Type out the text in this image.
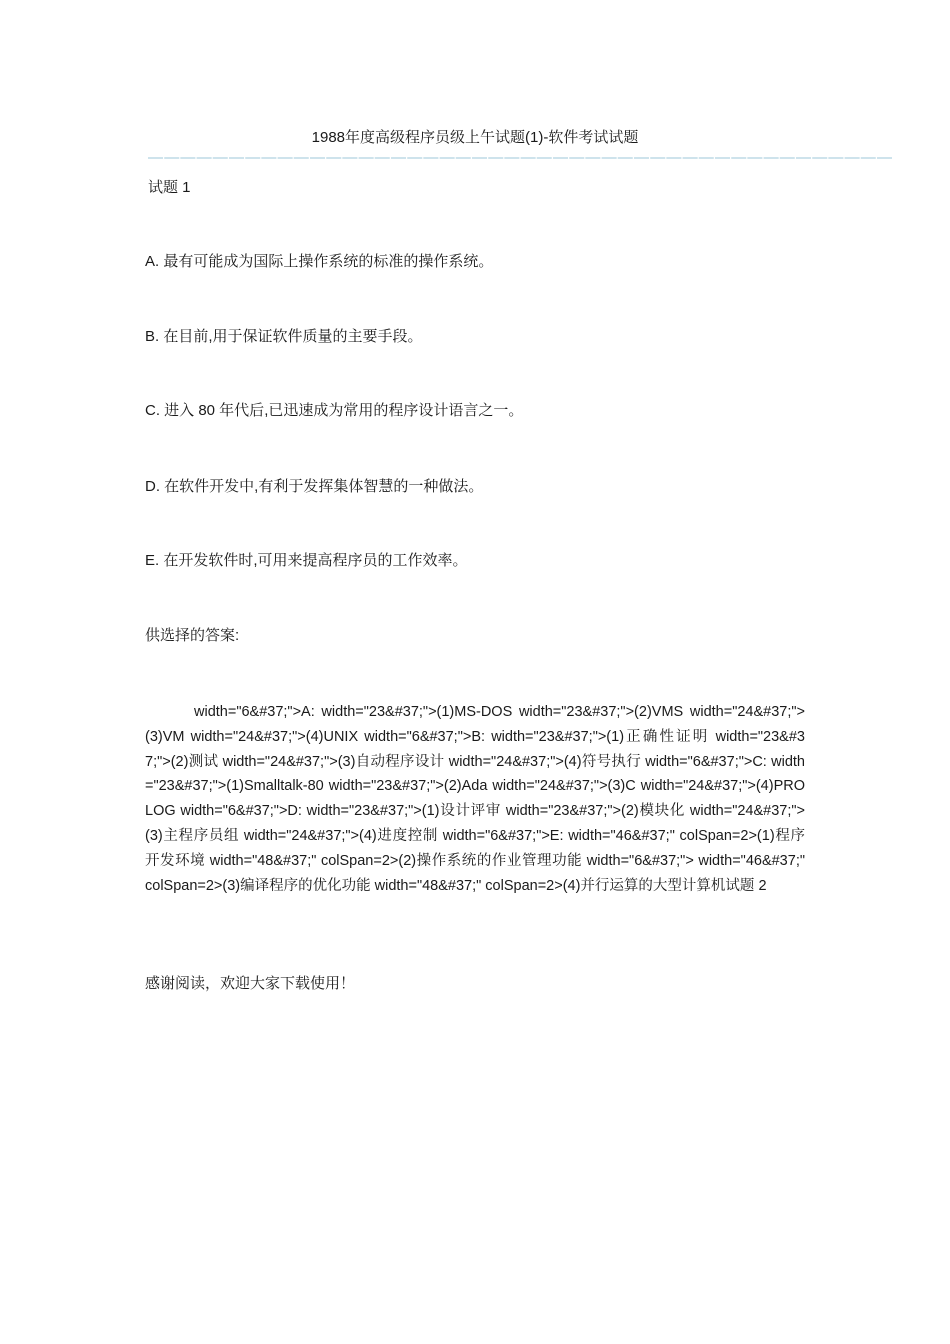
1988年度高级程序员级上午试题(1)-软件考试试题
——————————————————————————————————————————————
试题 1
A. 最有可能成为国际上操作系统的标准的操作系统。
B. 在目前,用于保证软件质量的主要手段。
C. 进入 80 年代后,已迅速成为常用的程序设计语言之一。
D. 在软件开发中,有利于发挥集体智慧的一种做法。
E. 在开发软件时,可用来提高程序员的工作效率。
供选择的答案:
width="6&#37;">A: width="23&#37;">(1)MS-DOS width="23&#37;">(2)VMS width="24&#37;">(3)VM width="24&#37;">(4)UNIX width="6&#37;">B: width="23&#37;">(1)正确性证明 width="23&#37;">(2)测试 width="24&#37;">(3)自动程序设计 width="24&#37;">(4)符号执行 width="6&#37;">C: width="23&#37;">(1)Smalltalk-80 width="23&#37;">(2)Ada width="24&#37;">(3)C width="24&#37;">(4)PROLOG width="6&#37;">D: width="23&#37;">(1)设计评审 width="23&#37;">(2)模块化 width="24&#37;">(3)主程序员组 width="24&#37;">(4)进度控制 width="6&#37;">E: width="46&#37;" colSpan=2>(1)程序开发环境 width="48&#37;" colSpan=2>(2)操作系统的作业管理功能 width="6&#37;"> width="46&#37;" colSpan=2>(3)编译程序的优化功能 width="48&#37;" colSpan=2>(4)并行运算的大型计算机试题 2
感谢阅读，欢迎大家下载使用！
